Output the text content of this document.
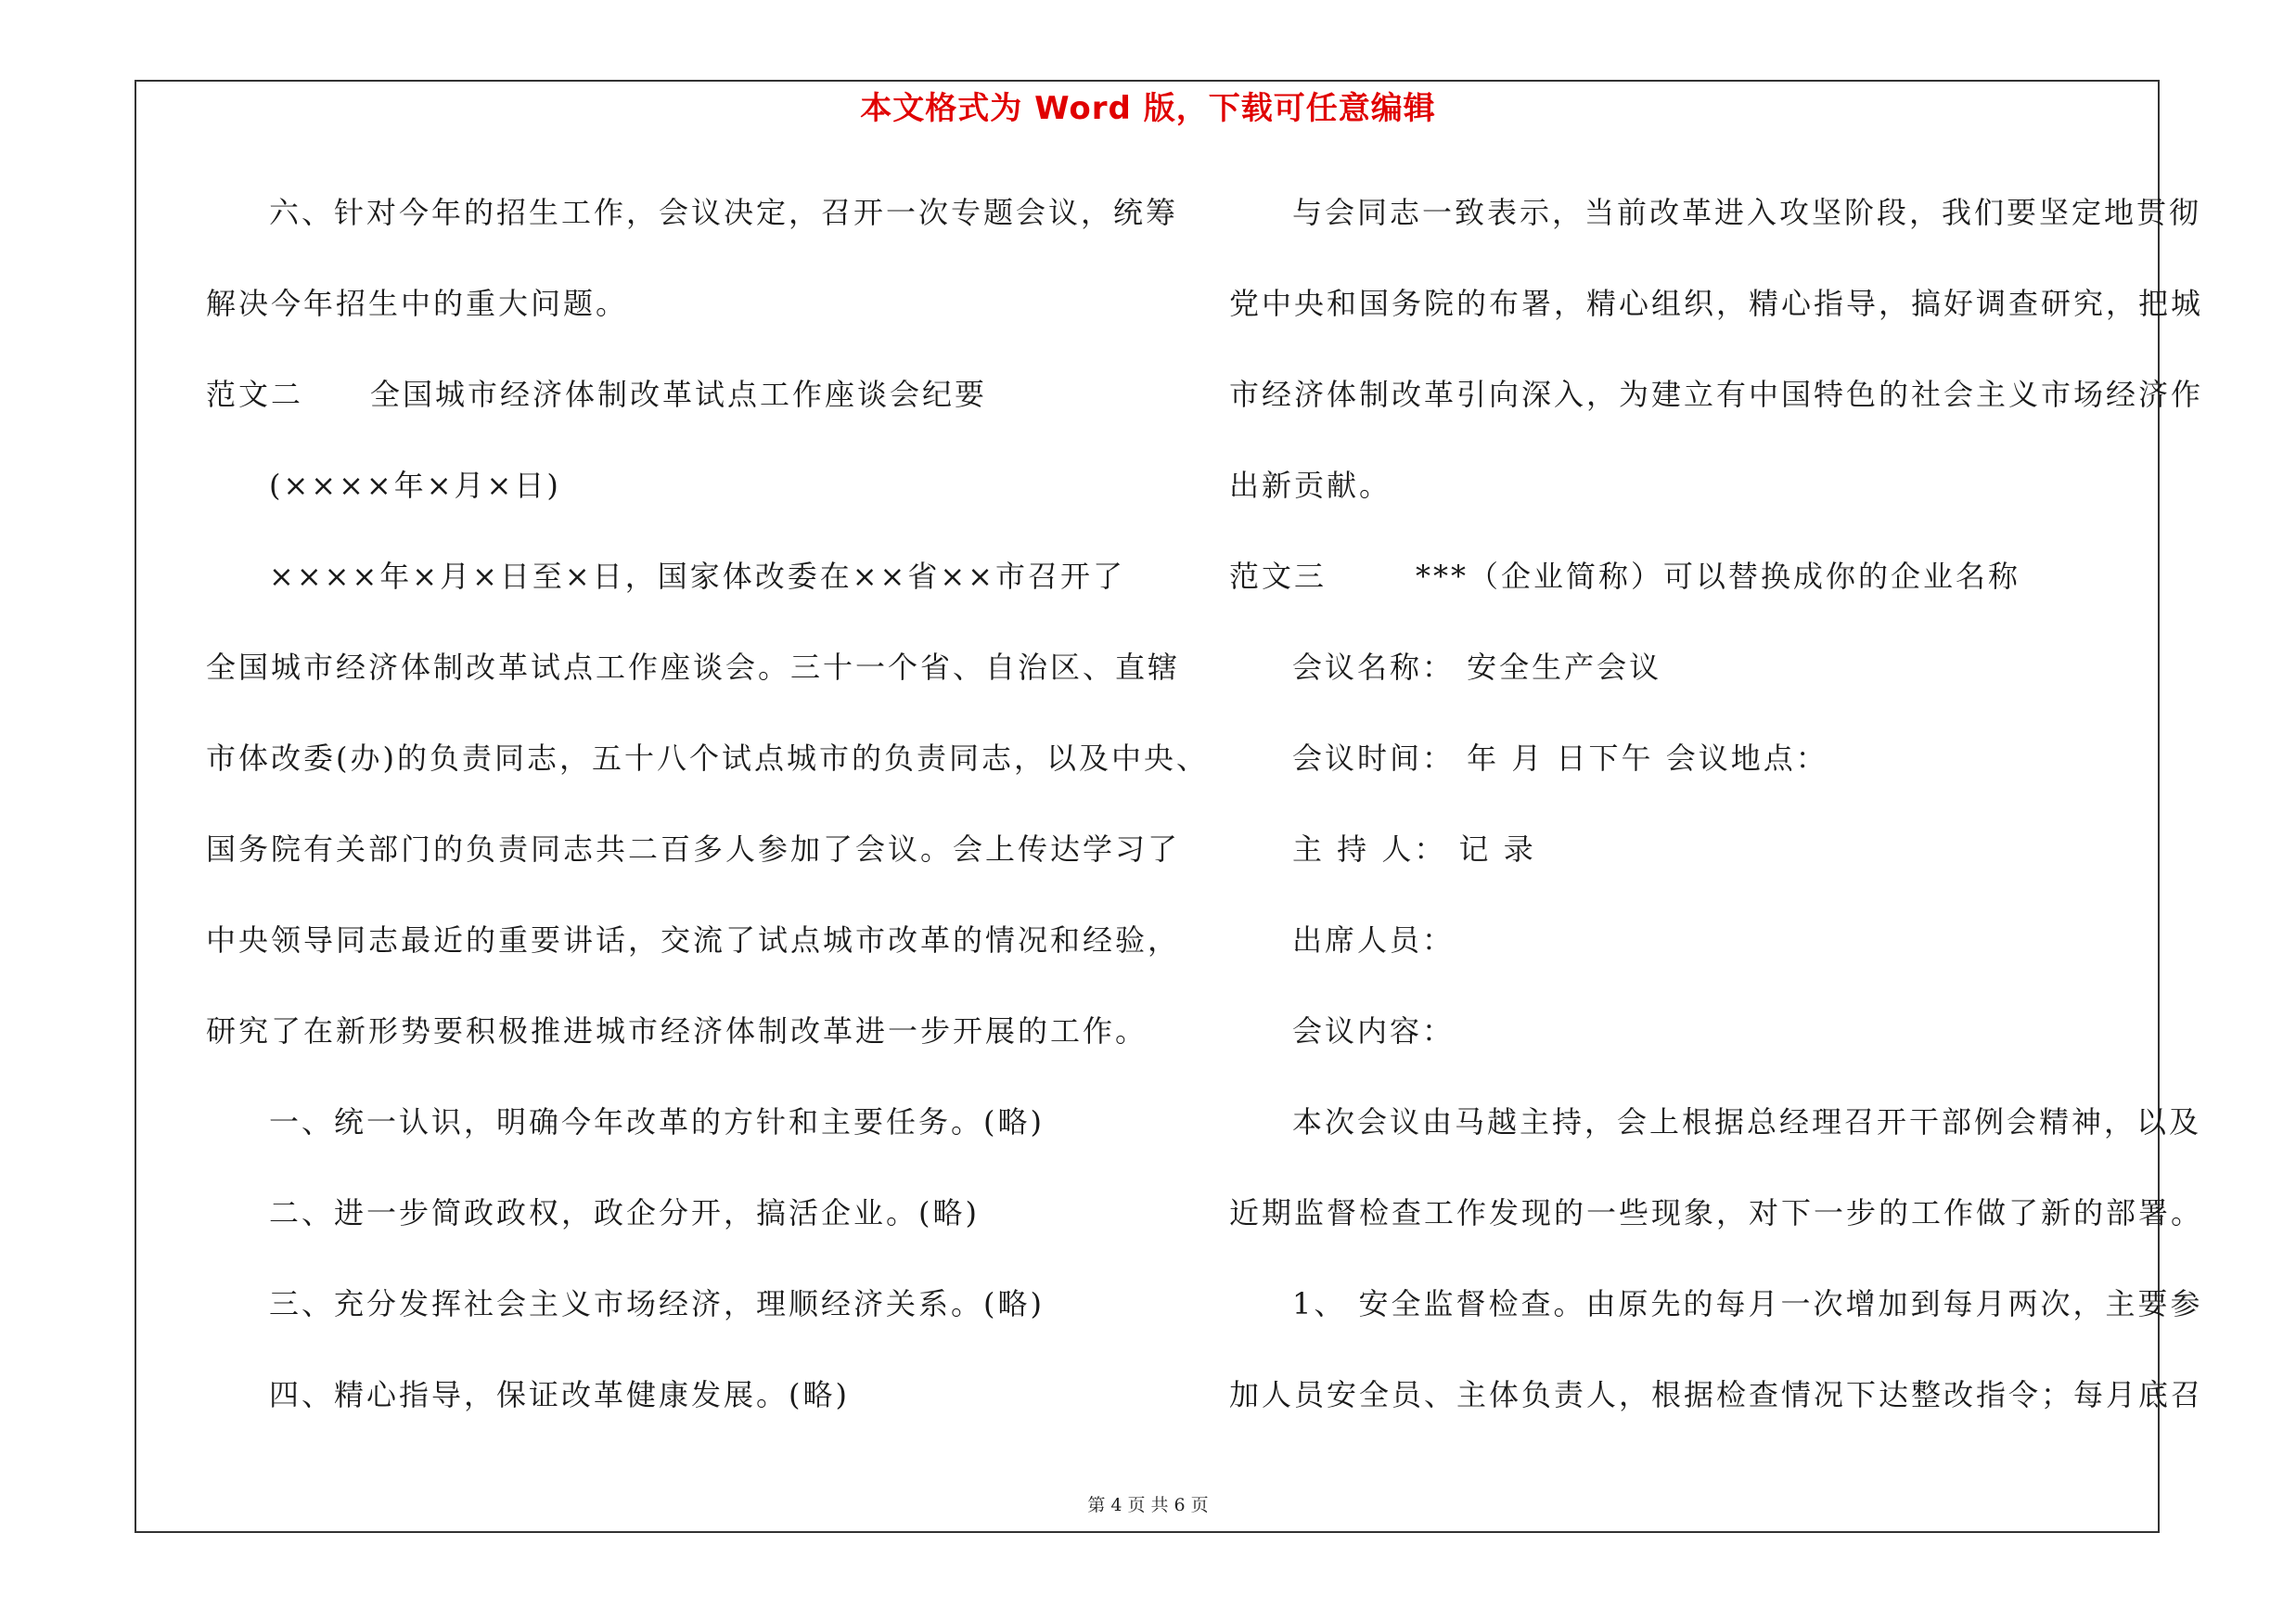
本文格式为 Word 版，下载可任意编辑
六、针对今年的招生工作，会议决定，召开一次专题会议，统筹
解决今年招生中的重大问题。
范文二 全国城市经济体制改革试点工作座谈会纪要
(××××年×月×日)
××××年×月×日至×日，国家体改委在××省××市召开了
全国城市经济体制改革试点工作座谈会。三十一个省、自治区、直辖
市体改委(办)的负责同志，五十八个试点城市的负责同志，以及中央、
国务院有关部门的负责同志共二百多人参加了会议。会上传达学习了
中央领导同志最近的重要讲话，交流了试点城市改革的情况和经验，
研究了在新形势要积极推进城市经济体制改革进一步开展的工作。
一、统一认识，明确今年改革的方针和主要任务。(略)
二、进一步简政政权，政企分开，搞活企业。(略)
三、充分发挥社会主义市场经济，理顺经济关系。(略)
四、精心指导，保证改革健康发展。(略)
与会同志一致表示，当前改革进入攻坚阶段，我们要坚定地贯彻
党中央和国务院的布署，精心组织，精心指导，搞好调查研究，把城
市经济体制改革引向深入，为建立有中国特色的社会主义市场经济作
出新贡献。
范文三	***（企业简称）可以替换成你的企业名称
会议名称： 安全生产会议
会议时间： 年 月 日下午 会议地点：
主 持 人： 记 录
出席人员：
会议内容：
本次会议由马越主持，会上根据总经理召开干部例会精神，以及
近期监督检查工作发现的一些现象，对下一步的工作做了新的部署。
1、 安全监督检查。由原先的每月一次增加到每月两次，主要参
加人员安全员、主体负责人，根据检查情况下达整改指令；每月底召
第 4 页 共 6 页
